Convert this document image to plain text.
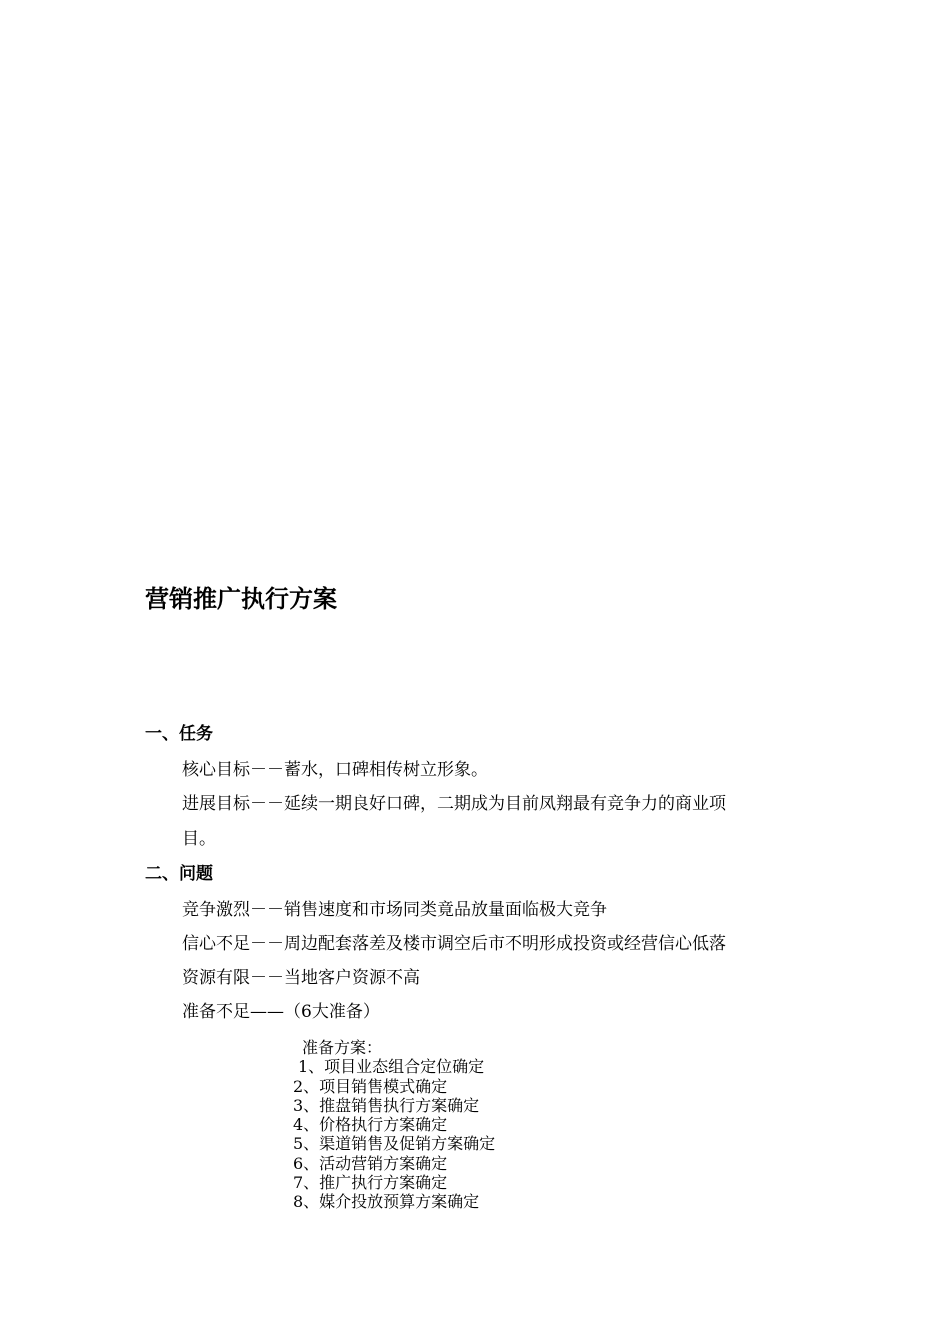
营销推广执行方案
一、任务
核心目标－－蓄水，口碑相传树立形象。
进展目标－－延续一期良好口碑，二期成为目前凤翔最有竞争力的商业项
目。
二、问题
竞争激烈－－销售速度和市场同类竟品放量面临极大竞争
信心不足－－周边配套落差及楼市调空后市不明形成投资或经营信心低落
资源有限－－当地客户资源不高
准备不足——（6大准备）
准备方案：
1、项目业态组合定位确定
2、项目销售模式确定
3、推盘销售执行方案确定
4、价格执行方案确定
5、渠道销售及促销方案确定
6、活动营销方案确定
7、推广执行方案确定
8、媒介投放预算方案确定
